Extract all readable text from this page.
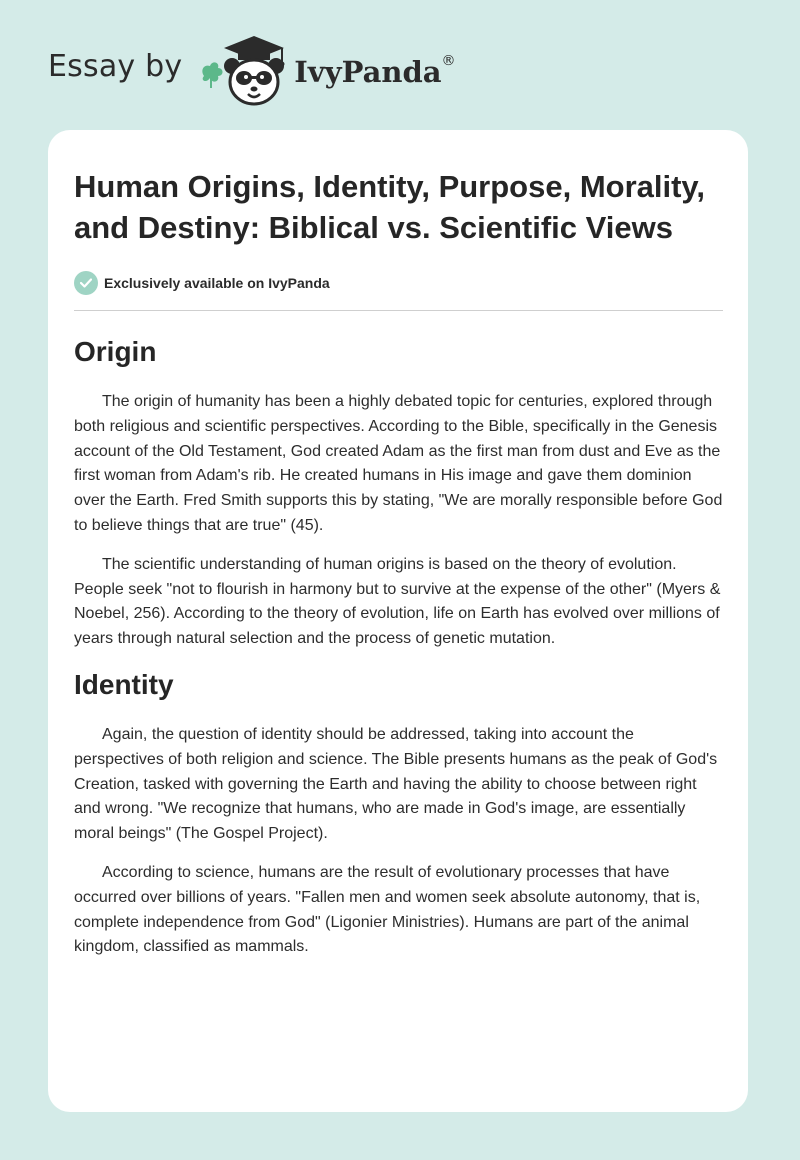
Essay by	IvyPanda®
Human Origins, Identity, Purpose, Morality, and Destiny: Biblical vs. Scientific Views
Exclusively available on IvyPanda
Origin

The origin of humanity has been a highly debated topic for centuries, explored through both religious and scientific perspectives. According to the Bible, specifically in the Genesis account of the Old Testament, God created Adam as the first man from dust and Eve as the first woman from Adam's rib. He created humans in His image and gave them dominion over the Earth. Fred Smith supports this by stating, "We are morally responsible before God to believe things that are true" (45).

The scientific understanding of human origins is based on the theory of evolution. People seek "not to flourish in harmony but to survive at the expense of the other" (Myers & Noebel, 256). According to the theory of evolution, life on Earth has evolved over millions of years through natural selection and the process of genetic mutation.

Identity

Again, the question of identity should be addressed, taking into account the perspectives of both religion and science. The Bible presents humans as the peak of God's Creation, tasked with governing the Earth and having the ability to choose between right and wrong. "We recognize that humans, who are made in God's image, are essentially moral beings" (The Gospel Project).

According to science, humans are the result of evolutionary processes that have occurred over billions of years. "Fallen men and women seek absolute autonomy, that is, complete independence from God" (Ligonier Ministries). Humans are part of the animal kingdom, classified as mammals.
